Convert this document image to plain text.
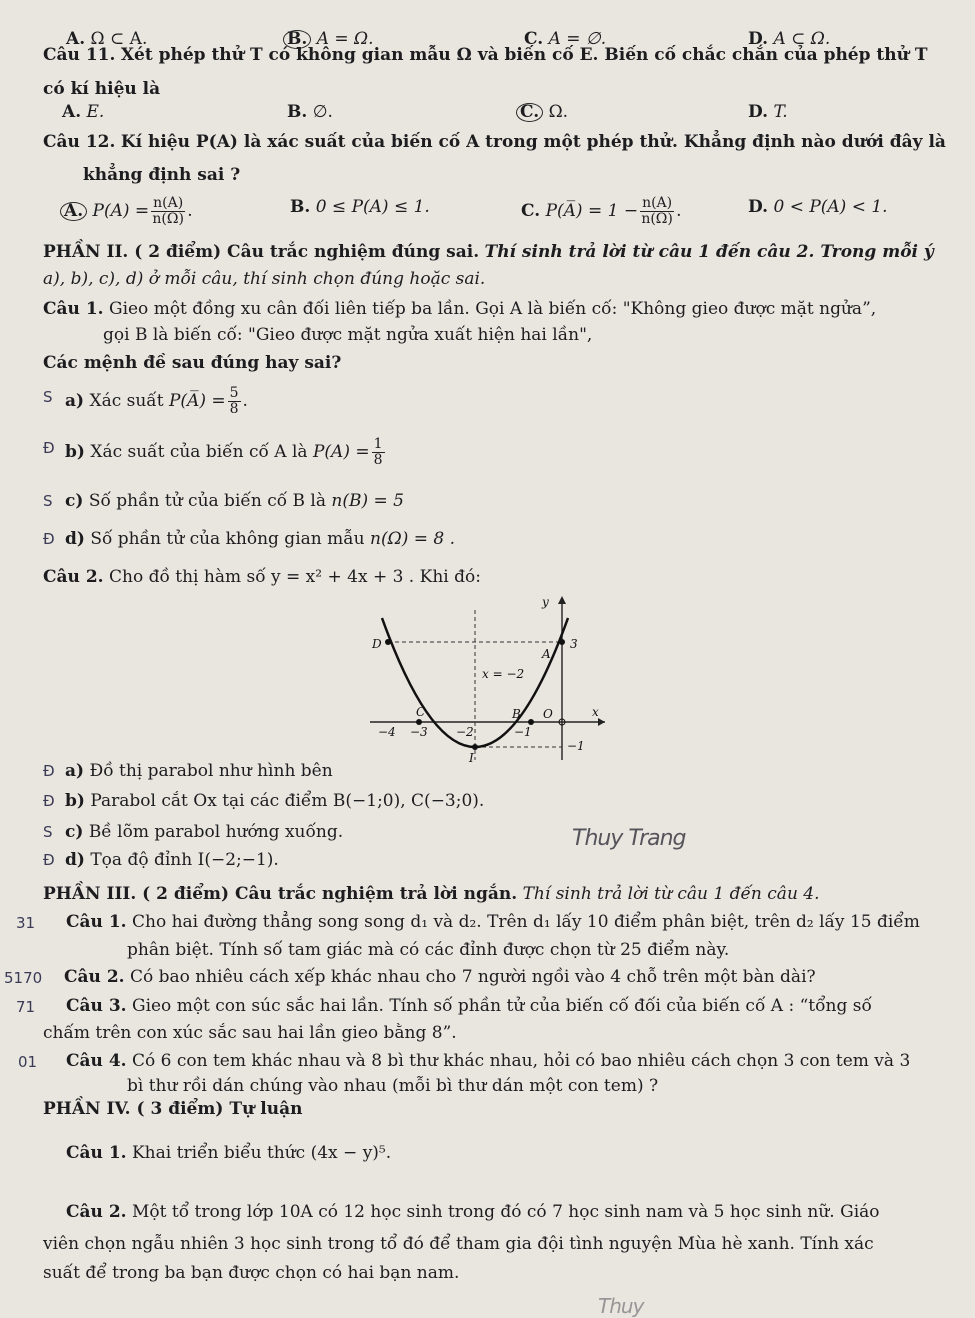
A. Ω ⊂ A.	B. A = Ω.	C. A = ∅.	D. A ⊂ Ω.
Câu 11. Xét phép thử T có không gian mẫu Ω và biến cố E. Biến cố chắc chắn của phép thử T
có kí hiệu là
A. E.	B. ∅.	C. Ω.	D. T.
Câu 12. Kí hiệu P(A) là xác suất của biến cố A trong một phép thử. Khẳng định nào dưới đây là
khẳng định sai ?
A. $P(A) = \frac{n(A)}{n(\Omega)}$ .	B. 0 ≤ P(A) ≤ 1.	C. P(A̅) = $1 - \frac{n(A)}{n(\Omega)}$ .	D. 0 < P(A) < 1.
PHẦN II. ( 2 điểm) Câu trắc nghiệm đúng sai. Thí sinh trả lời từ câu 1 đến câu 2. Trong mỗi ý
a), b), c), d) ở mỗi câu, thí sinh chọn đúng hoặc sai.
Câu 1. Gieo một đồng xu cân đối liên tiếp ba lần. Gọi A là biến cố: "Không gieo được mặt ngửa”,
gọi B là biến cố: "Gieo được mặt ngửa xuất hiện hai lần",
Các mệnh đề sau đúng hay sai?
S a) Xác suất P(A̅) = $\frac{5}{8}$ .
Đ b) Xác suất của biến cố A là $P(A) = \frac{1}{8}$
S c) Số phần tử của biến cố B là n(B) = 5
Đ d) Số phần tử của không gian mẫu n(Ω) = 8 .
Câu 2. Cho đồ thị hàm số y = x² + 4x + 3 . Khi đó:
y
x
D
A
B
C
I
O
x = −2
3
−1
−4 −3 −2	−1
Đ a) Đồ thị parabol như hình bên
Đ b) Parabol cắt Ox tại các điểm B(−1;0), C(−3;0).
S c) Bề lõm parabol hướng xuống.
Đ d) Tọa độ đỉnh I(−2;−1).
Thuy Trang
PHẦN III. ( 2 điểm) Câu trắc nghiệm trả lời ngắn. Thí sinh trả lời từ câu 1 đến câu 4.
31 Câu 1. Cho hai đường thẳng song song d₁ và d₂. Trên d₁ lấy 10 điểm phân biệt, trên d₂ lấy 15 điểm
phân biệt. Tính số tam giác mà có các đỉnh được chọn từ 25 điểm này.
5170 Câu 2. Có bao nhiêu cách xếp khác nhau cho 7 người ngồi vào 4 chỗ trên một bàn dài?
71 Câu 3. Gieo một con súc sắc hai lần. Tính số phần tử của biến cố đối của biến cố A : “tổng số
chấm trên con xúc sắc sau hai lần gieo bằng 8”.
01 Câu 4. Có 6 con tem khác nhau và 8 bì thư khác nhau, hỏi có bao nhiêu cách chọn 3 con tem và 3
bì thư rồi dán chúng vào nhau (mỗi bì thư dán một con tem) ?
PHẦN IV. ( 3 điểm) Tự luận
Câu 1. Khai triển biểu thức (4x − y)⁵.
Câu 2. Một tổ trong lớp 10A có 12 học sinh trong đó có 7 học sinh nam và 5 học sinh nữ. Giáo
viên chọn ngẫu nhiên 3 học sinh trong tổ đó để tham gia đội tình nguyện Mùa hè xanh. Tính xác
suất để trong ba bạn được chọn có hai bạn nam.
Thuy
